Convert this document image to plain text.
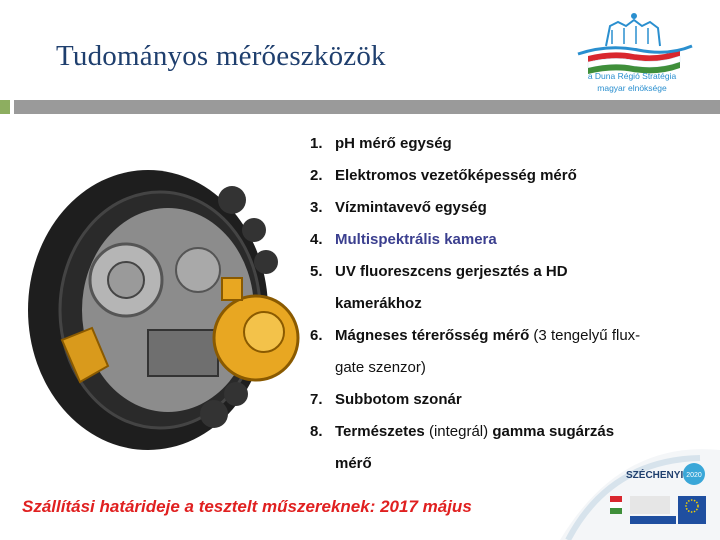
Tudományos mérőeszközök
a Duna Régió Stratégia
magyar elnöksége
1. pH mérő egység
2. Elektromos vezetőképesség mérő
3. Vízmintavevő egység
4. Multispektrális kamera
5. UV fluoreszcens gerjesztés a HD
kamerákhoz
6. Mágneses térerősség mérő (3 tengelyű flux-
gate szenzor)
7. Subbotom szonár
8. Természetes (integrál) gamma sugárzás
mérő
Szállítási határideje a tesztelt műszereknek: 2017 május
SZÉCHENYI 2020
